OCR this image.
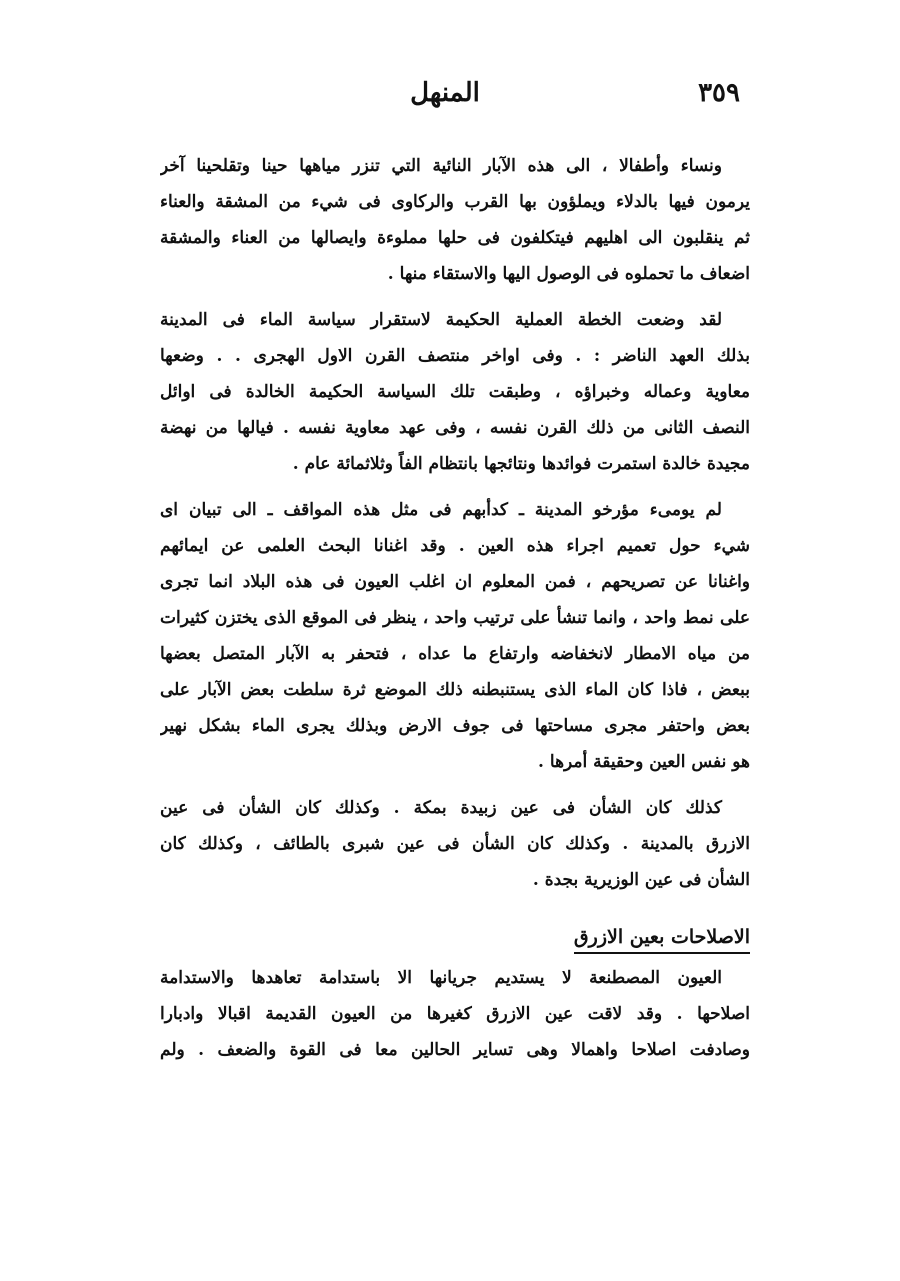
٣٥٩
المنهل
ونساء وأطفالا ، الى هذه الآبار النائية التي تنزر مياهها حينا وتقلحينا آخر
يرمون فيها بالدلاء ويملؤون بها القرب والركاوى فى شيء من المشقة والعناء
ثم ينقلبون الى اهليهم فيتكلفون فى حلها مملوءة وايصالها من العناء والمشقة
اضعاف ما تحملوه فى الوصول اليها والاستقاء منها .
لقد وضعت الخطة العملية الحكيمة لاستقرار سياسة الماء فى المدينة
بذلك العهد الناضر : . وفى اواخر منتصف القرن الاول الهجرى . . وضعها
معاوية وعماله وخبراؤه ، وطبقت تلك السياسة الحكيمة الخالدة فى اوائل
النصف الثانى من ذلك القرن نفسه ، وفى عهد معاوية نفسه . فيالها من نهضة
مجيدة خالدة استمرت فوائدها ونتائجها بانتظام الفاً وثلاثمائة عام .
لم يومىء مؤرخو المدينة ـ كدأبهم فى مثل هذه المواقف ـ الى تبيان اى
شيء حول تعميم اجراء هذه العين . وقد اغنانا البحث العلمى عن ايمائهم
واغنانا عن تصريحهم ، فمن المعلوم ان اغلب العيون فى هذه البلاد انما تجرى
على نمط واحد ، وانما تنشأ على ترتيب واحد ، ينظر فى الموقع الذى يختزن كثيرات
من مياه الامطار لانخفاضه وارتفاع ما عداه ، فتحفر به الآبار المتصل بعضها
ببعض ، فاذا كان الماء الذى يستنبطنه ذلك الموضع ثرة سلطت بعض الآبار على
بعض واحتفر مجرى مساحتها فى جوف الارض وبذلك يجرى الماء بشكل نهير
هو نفس العين وحقيقة أمرها .
كذلك كان الشأن فى عين زبيدة بمكة . وكذلك كان الشأن فى عين
الازرق بالمدينة . وكذلك كان الشأن فى عين شبرى بالطائف ، وكذلك كان
الشأن فى عين الوزيرية بجدة .
الاصلاحات بعين الازرق
العيون المصطنعة لا يستديم جريانها الا باستدامة تعاهدها والاستدامة
اصلاحها . وقد لاقت عين الازرق كغيرها من العيون القديمة اقبالا وادبارا
وصادفت اصلاحا واهمالا وهى تساير الحالين معا فى القوة والضعف . ولم
